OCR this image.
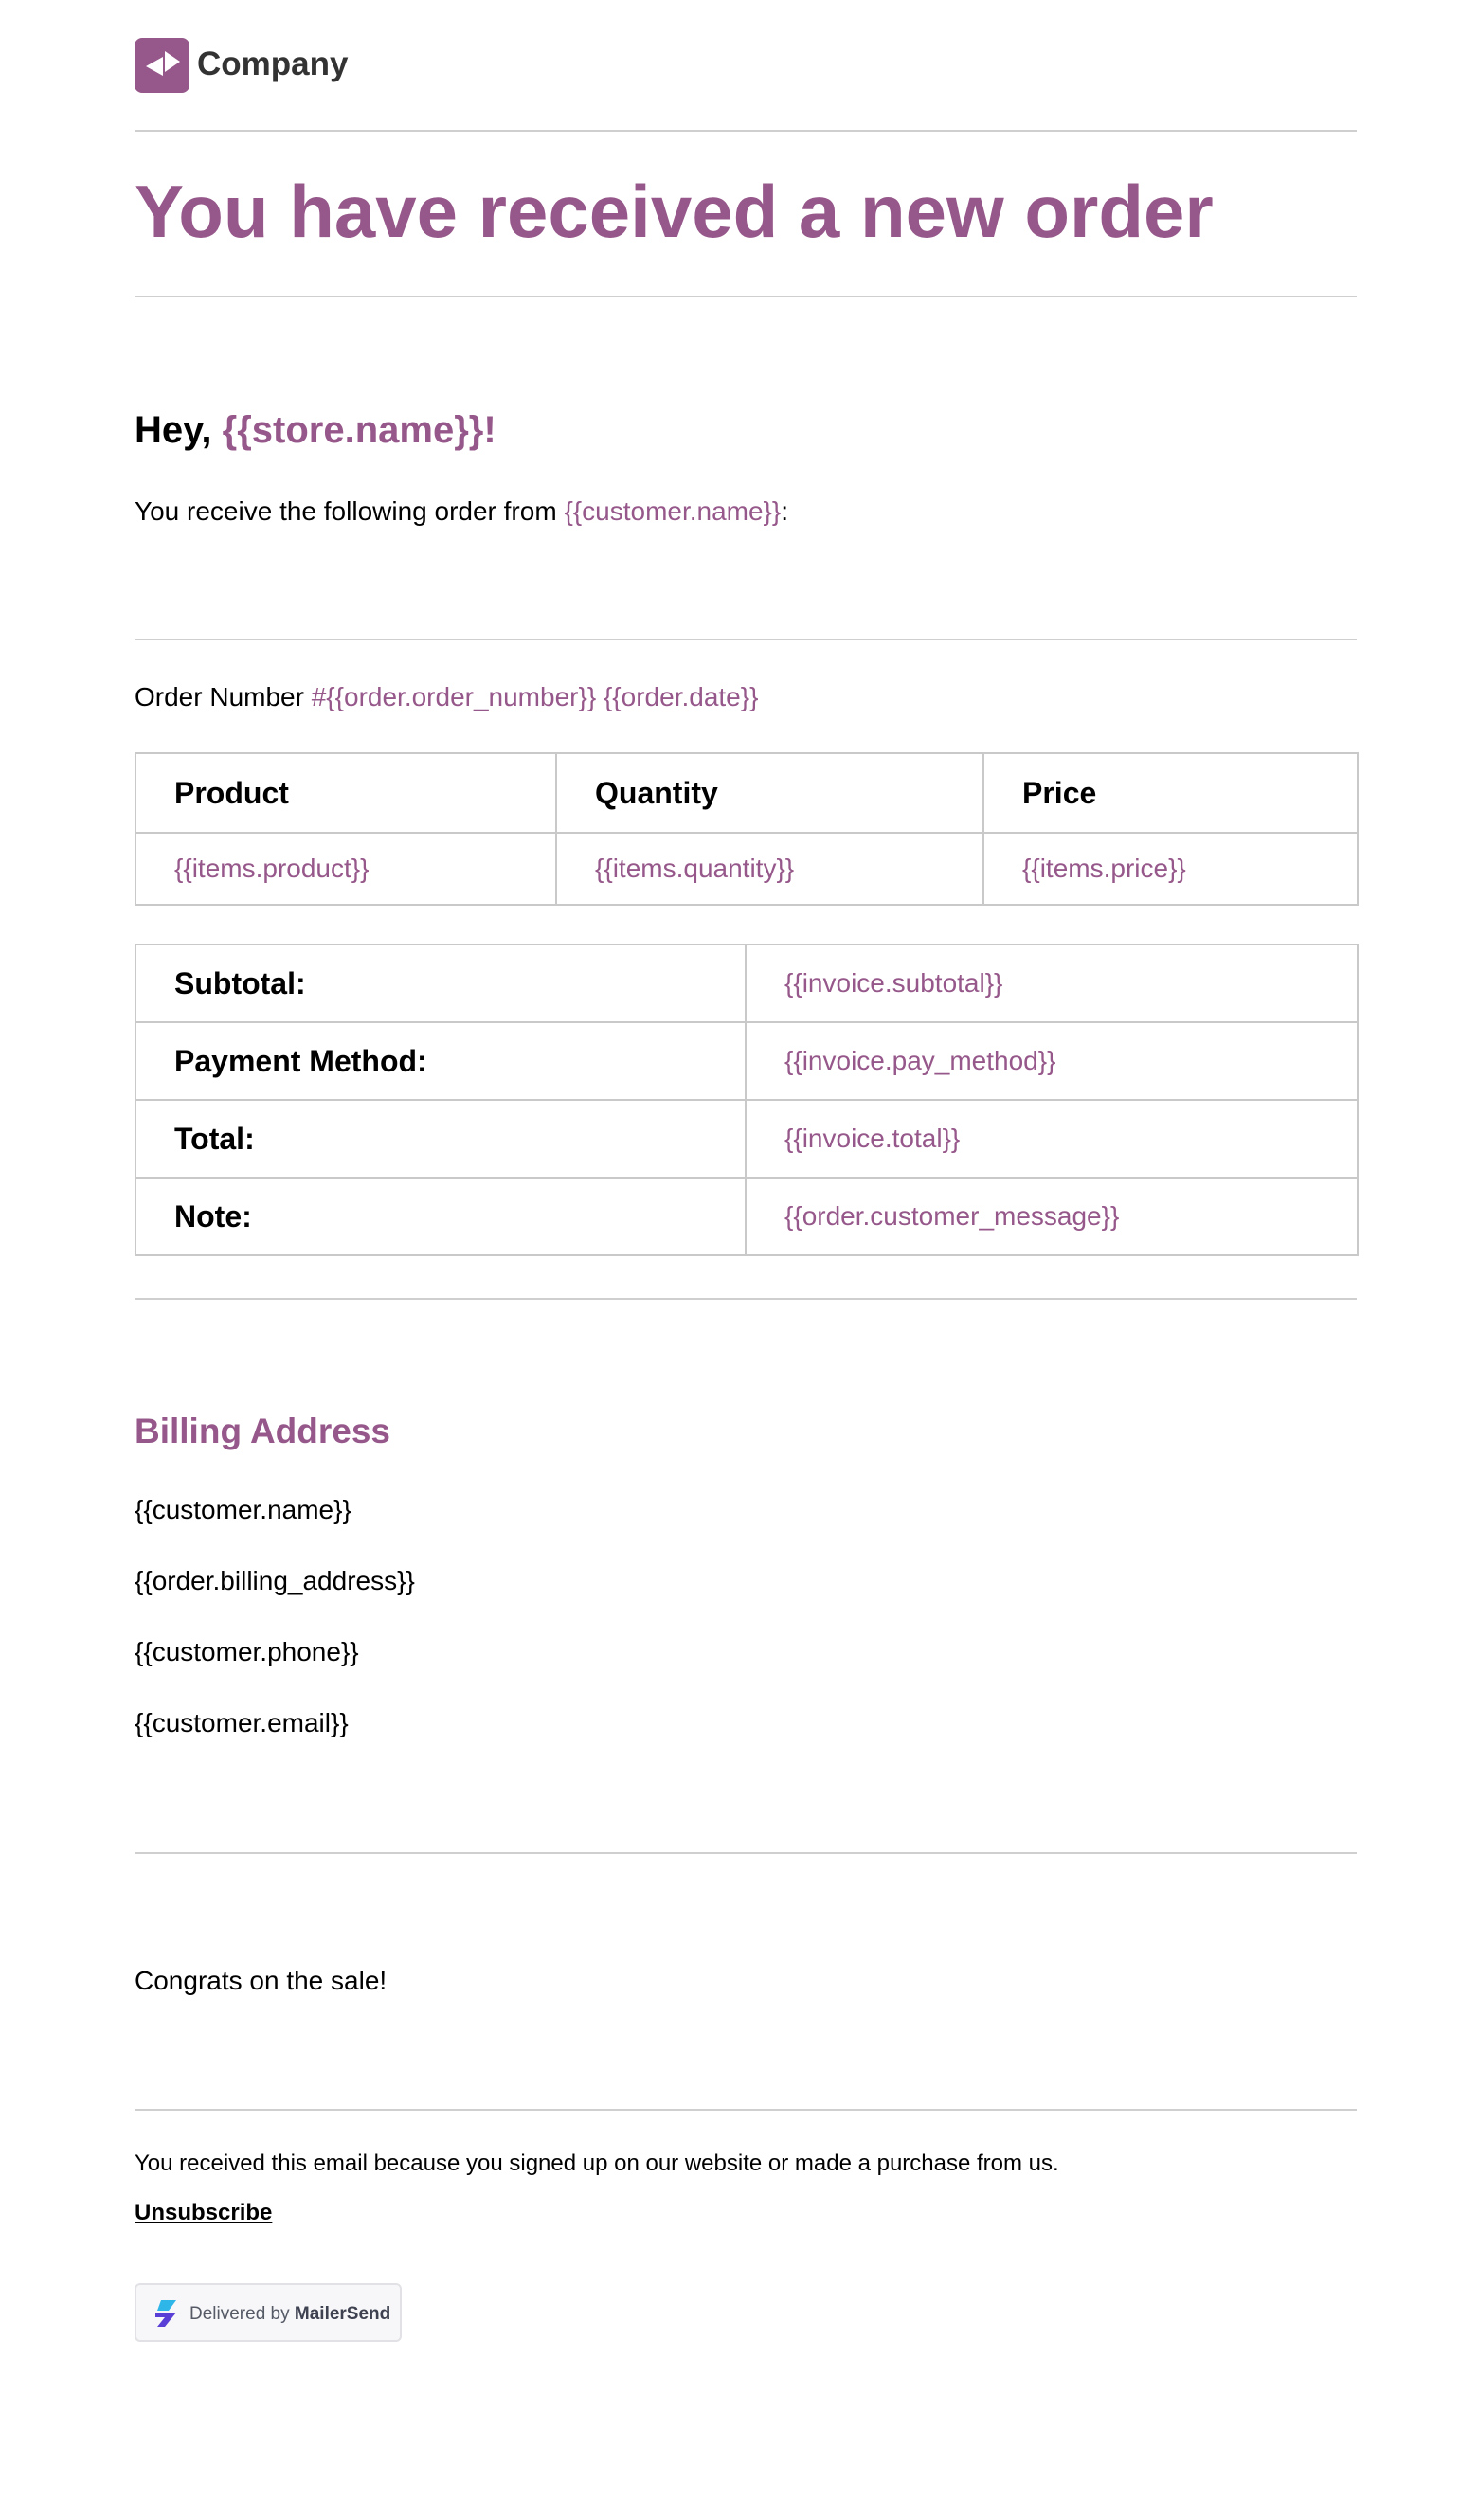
Company
You have received a new order
Hey, {{store.name}}!
You receive the following order from {{customer.name}}:
Order Number #{{order.order_number}} {{order.date}}
Product	Quantity	Price
{{items.product}}	{{items.quantity}}	{{items.price}}
Subtotal:	{{invoice.subtotal}}
Payment Method:	{{invoice.pay_method}}
Total:	{{invoice.total}}
Note:	{{order.customer_message}}
Billing Address
{{customer.name}}
{{order.billing_address}}
{{customer.phone}}
{{customer.email}}
Congrats on the sale!
You received this email because you signed up on our website or made a purchase from us.
Unsubscribe
Delivered by MailerSend
